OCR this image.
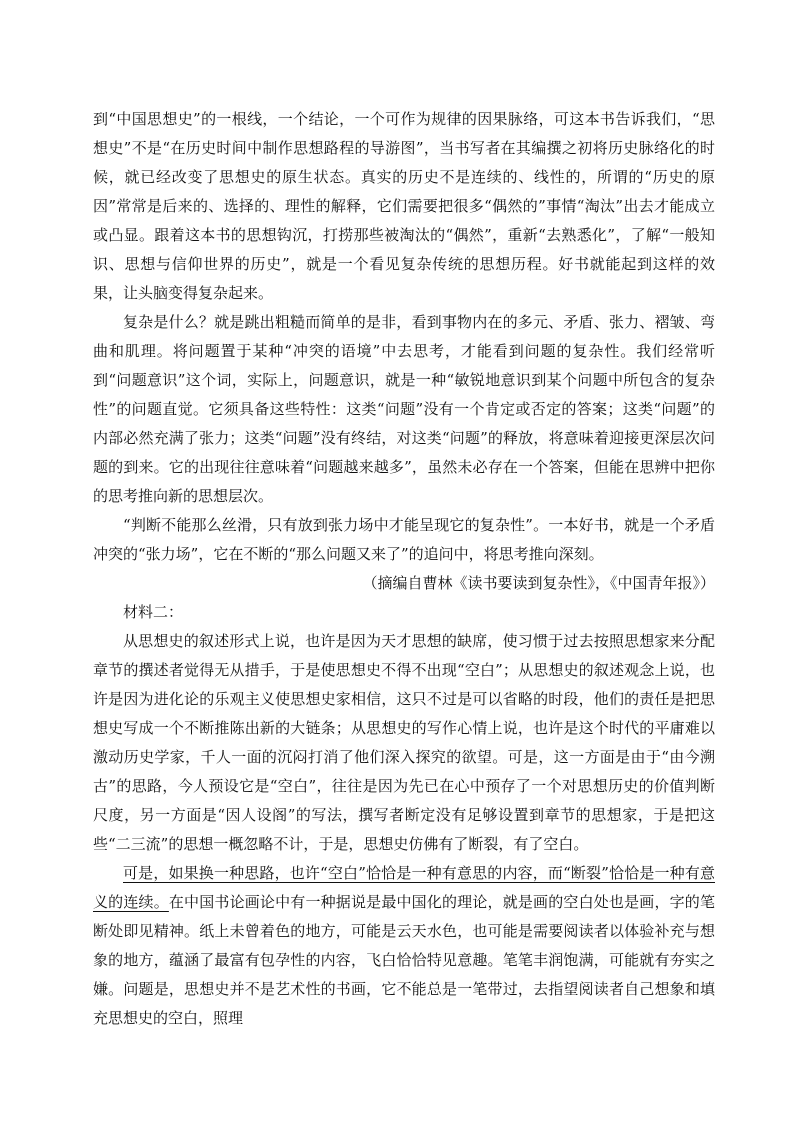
到“中国思想史”的一根线，一个结论，一个可作为规律的因果脉络，可这本书告诉我们，“思想史”不是“在历史时间中制作思想路程的导游图”，当书写者在其编撰之初将历史脉络化的时候，就已经改变了思想史的原生状态。真实的历史不是连续的、线性的，所谓的“历史的原因”常常是后来的、选择的、理性的解释，它们需要把很多“偶然的”事情“淘汰”出去才能成立或凸显。跟着这本书的思想钩沉，打捞那些被淘汰的“偶然”，重新“去熟悉化”，了解“一般知识、思想与信仰世界的历史”，就是一个看见复杂传统的思想历程。好书就能起到这样的效果，让头脑变得复杂起来。

复杂是什么？就是跳出粗糙而简单的是非，看到事物内在的多元、矛盾、张力、褶皱、弯曲和肌理。将问题置于某种“冲突的语境”中去思考，才能看到问题的复杂性。我们经常听到“问题意识”这个词，实际上，问题意识，就是一种“敏锐地意识到某个问题中所包含的复杂性”的问题直觉。它须具备这些特性：这类“问题”没有一个肯定或否定的答案；这类“问题”的内部必然充满了张力；这类“问题”没有终结，对这类“问题”的释放，将意味着迎接更深层次问题的到来。它的出现往往意味着“问题越来越多”，虽然未必存在一个答案，但能在思辨中把你的思考推向新的思想层次。

“判断不能那么丝滑，只有放到张力场中才能呈现它的复杂性”。一本好书，就是一个矛盾冲突的“张力场”，它在不断的“那么问题又来了”的追问中，将思考推向深刻。

（摘编自曹林《读书要读到复杂性》，《中国青年报》）

材料二：

从思想史的叙述形式上说，也许是因为天才思想的缺席，使习惯于过去按照思想家来分配章节的撰述者觉得无从措手，于是使思想史不得不出现“空白”；从思想史的叙述观念上说，也许是因为进化论的乐观主义使思想史家相信，这只不过是可以省略的时段，他们的责任是把思想史写成一个不断推陈出新的大链条；从思想史的写作心情上说，也许是这个时代的平庸难以激动历史学家，千人一面的沉闷打消了他们深入探究的欲望。可是，这一方面是由于“由今溯古”的思路，今人预设它是“空白”，往往是因为先已在心中预存了一个对思想历史的价值判断尺度，另一方面是“因人设阁”的写法，撰写者断定没有足够设置到章节的思想家，于是把这些“二三流”的思想一概忽略不计，于是，思想史仿佛有了断裂，有了空白。

可是，如果换一种思路，也许“空白”恰恰是一种有意思的内容，而“断裂”恰恰是一种有意义的连续。在中国书论画论中有一种据说是最中国化的理论，就是画的空白处也是画，字的笔断处即见精神。纸上未曾着色的地方，可能是云天水色，也可能是需要阅读者以体验补充与想象的地方，蕴涵了最富有包孕性的内容，飞白恰恰特见意趣。笔笔丰润饱满，可能就有夯实之嫌。问题是，思想史并不是艺术性的书画，它不能总是一笔带过，去指望阅读者自己想象和填充思想史的空白，照理
